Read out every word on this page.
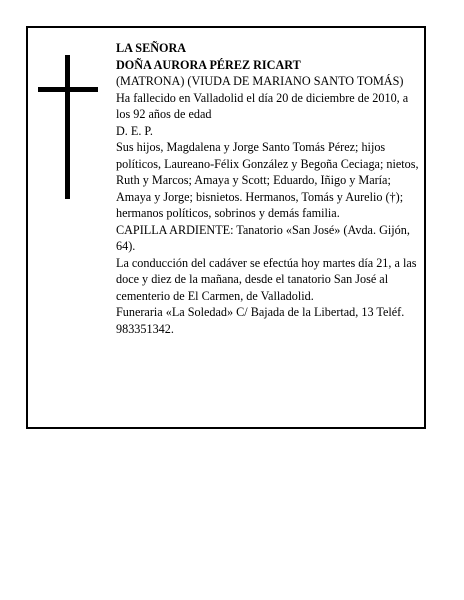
LA SEÑORA

DOÑA AURORA PÉREZ RICART

(MATRONA) (VIUDA DE MARIANO SANTO TOMÁS)

Ha fallecido en Valladolid el día 20 de diciembre de 2010, a los 92 años de edad

D. E. P.

Sus hijos, Magdalena y Jorge Santo Tomás Pérez; hijos políticos, Laureano-Félix González y Begoña Ceciaga; nietos, Ruth y Marcos; Amaya y Scott; Eduardo, Iñigo y María; Amaya y Jorge; bisnietos. Hermanos, Tomás y Aurelio (†); hermanos políticos, sobrinos y demás familia.

CAPILLA ARDIENTE: Tanatorio «San José» (Avda. Gijón, 64).

La conducción del cadáver se efectúa hoy martes día 21, a las doce y diez de la mañana, desde el tanatorio San José al cementerio de El Carmen, de Valladolid.

Funeraria «La Soledad» C/ Bajada de la Libertad, 13 Teléf. 983351342.
